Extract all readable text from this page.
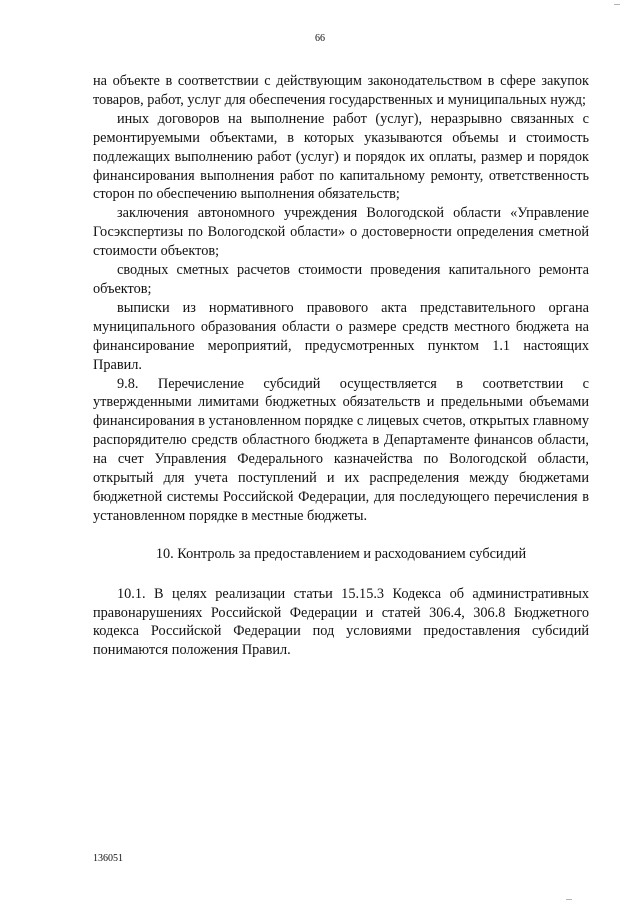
...
66

на объекте в соответствии с действующим законодательством в сфере закупок товаров, работ, услуг для обеспечения государственных и муниципальных нужд;

иных договоров на выполнение работ (услуг), неразрывно связанных с ремонтируемыми объектами, в которых указываются объемы и стоимость подлежащих выполнению работ (услуг) и порядок их оплаты, размер и порядок финансирования выполнения работ по капитальному ремонту, ответственность сторон по обеспечению выполнения обязательств;

заключения автономного учреждения Вологодской области «Управление Госэкспертизы по Вологодской области» о достоверности определения сметной стоимости объектов;

сводных сметных расчетов стоимости проведения капитального ремонта объектов;

выписки из нормативного правового акта представительного органа муниципального образования области о размере средств местного бюджета на финансирование мероприятий, предусмотренных пунктом 1.1 настоящих Правил.

9.8. Перечисление субсидий осуществляется в соответствии с утвержденными лимитами бюджетных обязательств и предельными объемами финансирования в установленном порядке с лицевых счетов, открытых главному распорядителю средств областного бюджета в Департаменте финансов области, на счет Управления Федерального казначейства по Вологодской области, открытый для учета поступлений и их распределения между бюджетами бюджетной системы Российской Федерации, для последующего перечисления в установленном порядке в местные бюджеты.

10. Контроль за предоставлением и расходованием субсидий

10.1. В целях реализации статьи 15.15.3 Кодекса об административных правонарушениях Российской Федерации и статей 306.4, 306.8 Бюджетного кодекса Российской Федерации под условиями предоставления субсидий понимаются положения Правил.

136051
...
